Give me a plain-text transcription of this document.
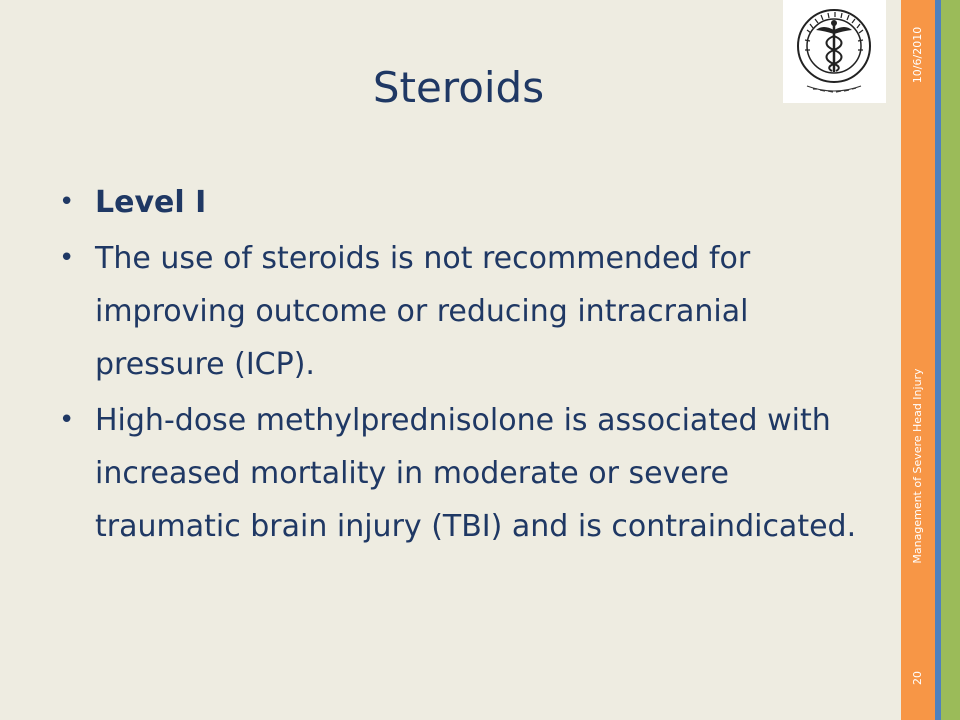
10/6/2010
Management of Severe Head Injury
20
Steroids
• Level I
• The use of steroids is not recommended for improving outcome or reducing intracranial pressure (ICP).
• High-dose methylprednisolone is associated with increased mortality in moderate or severe traumatic brain injury (TBI) and is contraindicated.
